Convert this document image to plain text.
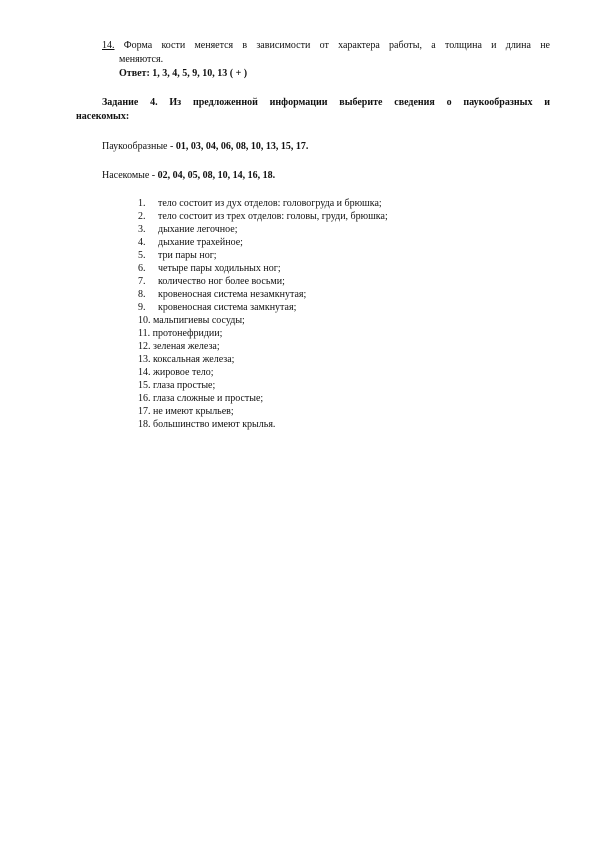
14. Форма кости меняется в зависимости от характера работы, а толщина и длина не
меняются.
Ответ: 1, 3, 4, 5, 9, 10, 13 ( + )
Задание 4. Из предложенной информации выберите сведения о паукообразных и
насекомых:
Паукообразные - 01, 03, 04, 06, 08, 10, 13, 15, 17.
Насекомые - 02, 04, 05, 08, 10, 14, 16, 18.
1. тело состоит из дух отделов: головогруда и брюшка;
2. тело состоит из трех отделов: головы, груди, брюшка;
3. дыхание легочное;
4. дыхание трахейное;
5. три пары ног;
6. четыре пары ходильных ног;
7. количество ног более восьми;
8. кровеносная система незамкнутая;
9. кровеносная система замкнутая;
10. мальпигиевы сосуды;
11. протонефридии;
12. зеленая железа;
13. коксальная железа;
14. жировое тело;
15. глаза простые;
16. глаза сложные и простые;
17. не имеют крыльев;
18. большинство имеют крылья.
